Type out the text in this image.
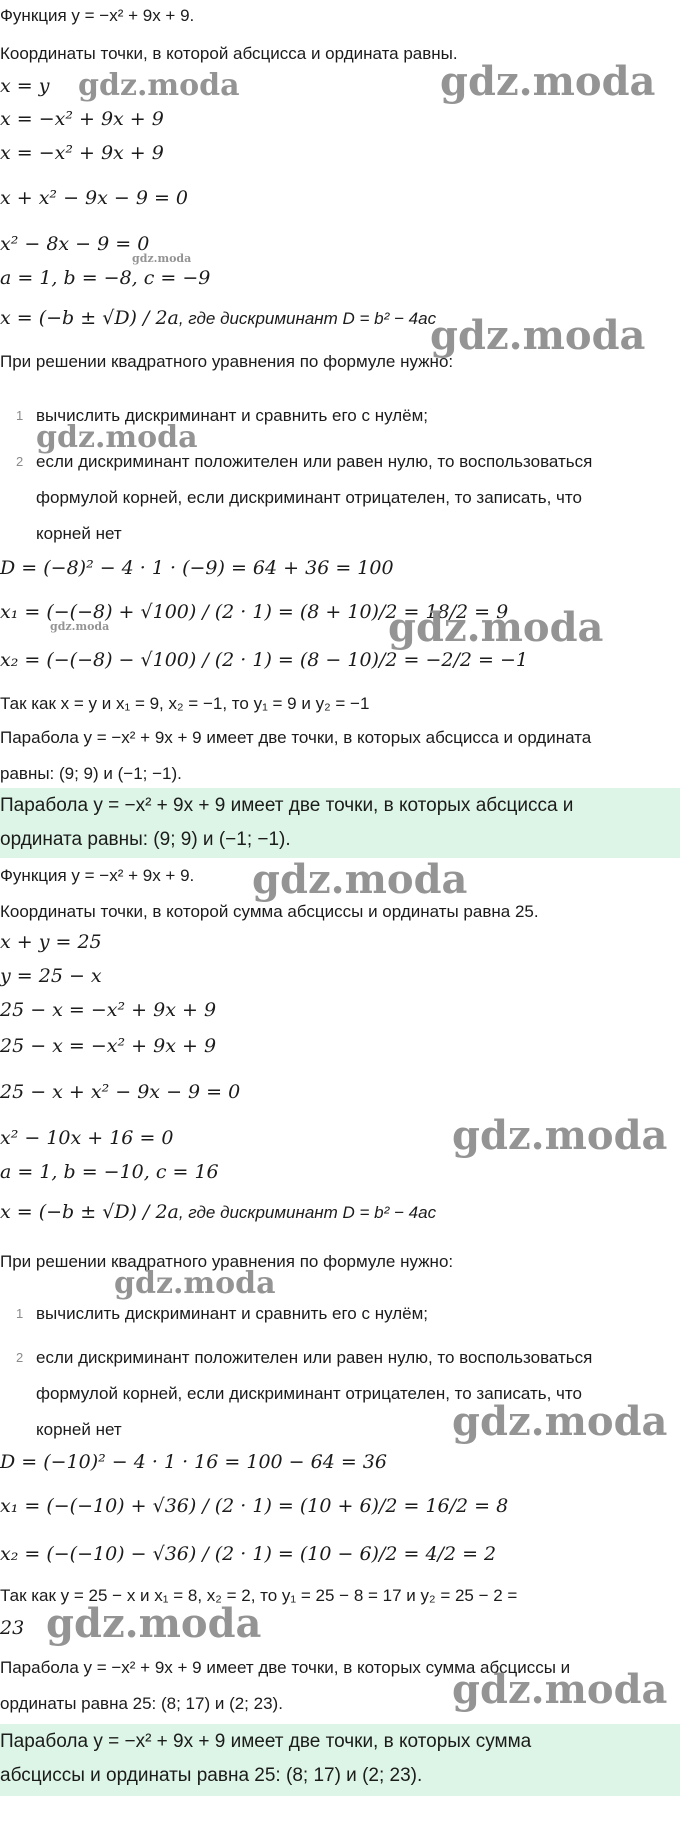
Функция y = −x² + 9x + 9.
Координаты точки, в которой абсцисса и ордината равны.
x = y
x = −x² + 9x + 9
x = −x² + 9x + 9
x + x² − 9x − 9 = 0
x² − 8x − 9 = 0
a = 1, b = −8, c = −9
x = (−b ± √D) / 2a, где дискриминант D = b² − 4ac
При решении квадратного уравнения по формуле нужно:
1 вычислить дискриминант и сравнить его с нулём;
2 если дискриминант положителен или равен нулю, то воспользоваться
формулой корней, если дискриминант отрицателен, то записать, что
корней нет
D = (−8)² − 4 · 1 · (−9) = 64 + 36 = 100
x₁ = (−(−8) + √100) / (2 · 1) = (8 + 10)/2 = 18/2 = 9
x₂ = (−(−8) − √100) / (2 · 1) = (8 − 10)/2 = −2/2 = −1
Так как x = y и x₁ = 9, x₂ = −1, то y₁ = 9 и y₂ = −1
Парабола y = −x² + 9x + 9 имеет две точки, в которых абсцисса и ордината
равны: (9; 9) и (−1; −1).
Парабола y = −x² + 9x + 9 имеет две точки, в которых абсцисса и
ордината равны: (9; 9) и (−1; −1).
Функция y = −x² + 9x + 9.
Координаты точки, в которой сумма абсциссы и ординаты равна 25.
x + y = 25
y = 25 − x
25 − x = −x² + 9x + 9
25 − x = −x² + 9x + 9
25 − x + x² − 9x − 9 = 0
x² − 10x + 16 = 0
a = 1, b = −10, c = 16
x = (−b ± √D) / 2a, где дискриминант D = b² − 4ac
При решении квадратного уравнения по формуле нужно:
1 вычислить дискриминант и сравнить его с нулём;
2 если дискриминант положителен или равен нулю, то воспользоваться
формулой корней, если дискриминант отрицателен, то записать, что
корней нет
D = (−10)² − 4 · 1 · 16 = 100 − 64 = 36
x₁ = (−(−10) + √36) / (2 · 1) = (10 + 6)/2 = 16/2 = 8
x₂ = (−(−10) − √36) / (2 · 1) = (10 − 6)/2 = 4/2 = 2
Так как y = 25 − x и x₁ = 8, x₂ = 2, то y₁ = 25 − 8 = 17 и y₂ = 25 − 2 =
23
Парабола y = −x² + 9x + 9 имеет две точки, в которых сумма абсциссы и
ординаты равна 25: (8; 17) и (2; 23).
Парабола y = −x² + 9x + 9 имеет две точки, в которых сумма
абсциссы и ординаты равна 25: (8; 17) и (2; 23).
gdz.moda	gdz.moda
gdz.moda
gdz.moda
gdz.moda
gdz.moda	gdz.moda
gdz.moda
gdz.moda
gdz.moda
gdz.moda
gdz.moda
gdz.moda
